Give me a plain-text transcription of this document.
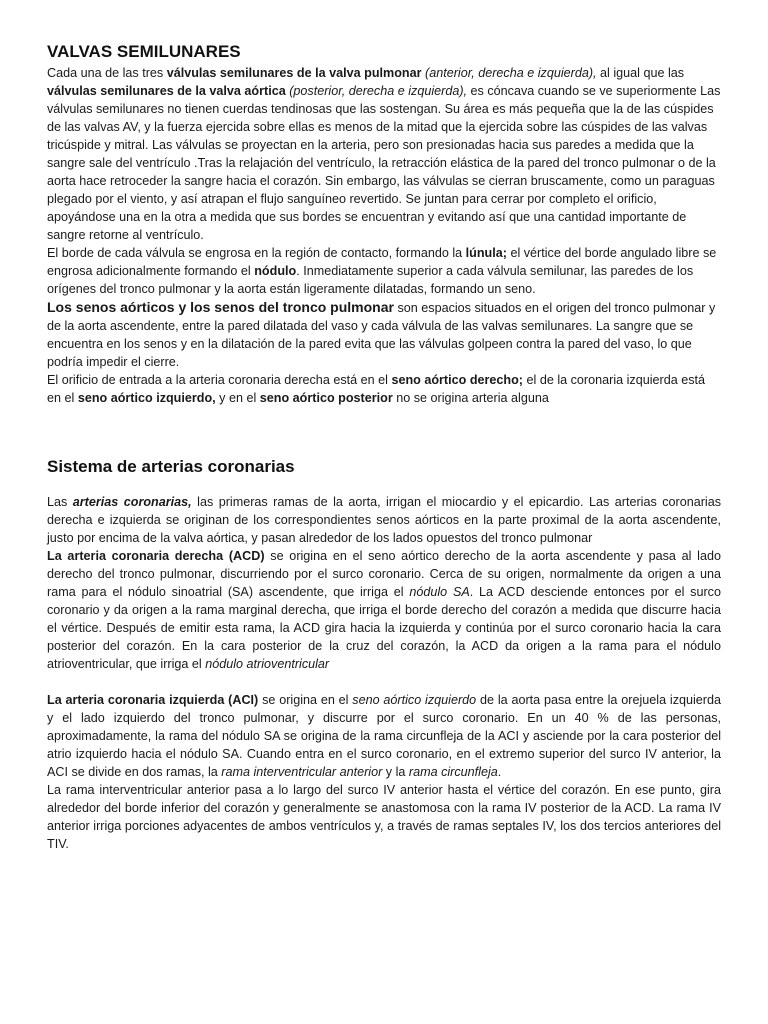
VALVAS SEMILUNARES

Cada una de las tres válvulas semilunares de la valva pulmonar (anterior, derecha e izquierda), al igual que las válvulas semilunares de la valva aórtica (posterior, derecha e izquierda), es cóncava cuando se ve superiormente Las válvulas semilunares no tienen cuerdas tendinosas que las sostengan. Su área es más pequeña que la de las cúspides de las valvas AV, y la fuerza ejercida sobre ellas es menos de la mitad que la ejercida sobre las cúspides de las valvas tricúspide y mitral. Las válvulas se proyectan en la arteria, pero son presionadas hacia sus paredes a medida que la sangre sale del ventrículo .Tras la relajación del ventrículo, la retracción elástica de la pared del tronco pulmonar o de la aorta hace retroceder la sangre hacia el corazón. Sin embargo, las válvulas se cierran bruscamente, como un paraguas plegado por el viento, y así atrapan el flujo sanguíneo revertido. Se juntan para cerrar por completo el orificio, apoyándose una en la otra a medida que sus bordes se encuentran y evitando así que una cantidad importante de sangre retorne al ventrículo.

El borde de cada válvula se engrosa en la región de contacto, formando la lúnula; el vértice del borde angulado libre se engrosa adicionalmente formando el nódulo. Inmediatamente superior a cada válvula semilunar, las paredes de los orígenes del tronco pulmonar y la aorta están ligeramente dilatadas, formando un seno.

Los senos aórticos y los senos del tronco pulmonar son espacios situados en el origen del tronco pulmonar y de la aorta ascendente, entre la pared dilatada del vaso y cada válvula de las valvas semilunares. La sangre que se encuentra en los senos y en la dilatación de la pared evita que las válvulas golpeen contra la pared del vaso, lo que podría impedir el cierre.

El orificio de entrada a la arteria coronaria derecha está en el seno aórtico derecho; el de la coronaria izquierda está en el seno aórtico izquierdo, y en el seno aórtico posterior no se origina arteria alguna

Sistema de arterias coronarias

Las arterias coronarias, las primeras ramas de la aorta, irrigan el miocardio y el epicardio. Las arterias coronarias derecha e izquierda se originan de los correspondientes senos aórticos en la parte proximal de la aorta ascendente, justo por encima de la valva aórtica, y pasan alrededor de los lados opuestos del tronco pulmonar

La arteria coronaria derecha (ACD) se origina en el seno aórtico derecho de la aorta ascendente y pasa al lado derecho del tronco pulmonar, discurriendo por el surco coronario. Cerca de su origen, normalmente da origen a una rama para el nódulo sinoatrial (SA) ascendente, que irriga el nódulo SA. La ACD desciende entonces por el surco coronario y da origen a la rama marginal derecha, que irriga el borde derecho del corazón a medida que discurre hacia el vértice. Después de emitir esta rama, la ACD gira hacia la izquierda y continúa por el surco coronario hacia la cara posterior del corazón. En la cara posterior de la cruz del corazón, la ACD da origen a la rama para el nódulo atrioventricular, que irriga el nódulo atrioventricular

La arteria coronaria izquierda (ACI) se origina en el seno aórtico izquierdo de la aorta pasa entre la orejuela izquierda y el lado izquierdo del tronco pulmonar, y discurre por el surco coronario. En un 40 % de las personas, aproximadamente, la rama del nódulo SA se origina de la rama circunfleja de la ACI y asciende por la cara posterior del atrio izquierdo hacia el nódulo SA. Cuando entra en el surco coronario, en el extremo superior del surco IV anterior, la ACI se divide en dos ramas, la rama interventricular anterior y la rama circunfleja.

La rama interventricular anterior pasa a lo largo del surco IV anterior hasta el vértice del corazón. En ese punto, gira alrededor del borde inferior del corazón y generalmente se anastomosa con la rama IV posterior de la ACD. La rama IV anterior irriga porciones adyacentes de ambos ventrículos y, a través de ramas septales IV, los dos tercios anteriores del TIV.
